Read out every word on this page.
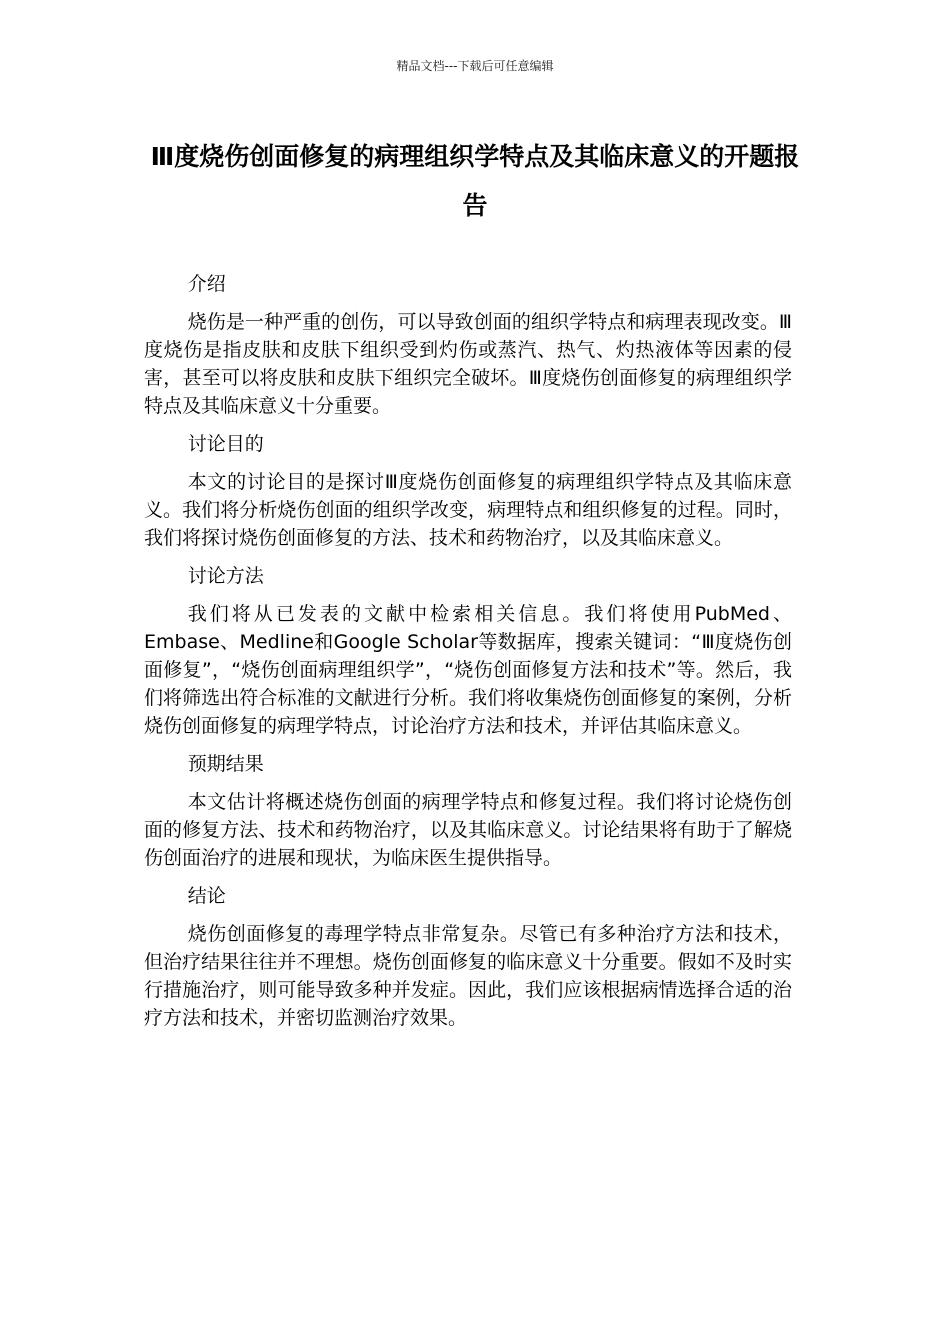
精品文档---下载后可任意编辑
Ⅲ度烧伤创面修复的病理组织学特点及其临床意义的开题报告

介绍

烧伤是一种严重的创伤，可以导致创面的组织学特点和病理表现改变。Ⅲ度烧伤是指皮肤和皮肤下组织受到灼伤或蒸汽、热气、灼热液体等因素的侵害，甚至可以将皮肤和皮肤下组织完全破坏。Ⅲ度烧伤创面修复的病理组织学特点及其临床意义十分重要。

讨论目的

本文的讨论目的是探讨Ⅲ度烧伤创面修复的病理组织学特点及其临床意义。我们将分析烧伤创面的组织学改变，病理特点和组织修复的过程。同时，我们将探讨烧伤创面修复的方法、技术和药物治疗，以及其临床意义。

讨论方法

我们将从已发表的文献中检索相关信息。我们将使用PubMed、Embase、Medline和Google Scholar等数据库，搜索关键词：“Ⅲ度烧伤创面修复”，“烧伤创面病理组织学”，“烧伤创面修复方法和技术”等。然后，我们将筛选出符合标准的文献进行分析。我们将收集烧伤创面修复的案例，分析烧伤创面修复的病理学特点，讨论治疗方法和技术，并评估其临床意义。

预期结果

本文估计将概述烧伤创面的病理学特点和修复过程。我们将讨论烧伤创面的修复方法、技术和药物治疗，以及其临床意义。讨论结果将有助于了解烧伤创面治疗的进展和现状，为临床医生提供指导。

结论

烧伤创面修复的毒理学特点非常复杂。尽管已有多种治疗方法和技术，但治疗结果往往并不理想。烧伤创面修复的临床意义十分重要。假如不及时实行措施治疗，则可能导致多种并发症。因此，我们应该根据病情选择合适的治疗方法和技术，并密切监测治疗效果。
